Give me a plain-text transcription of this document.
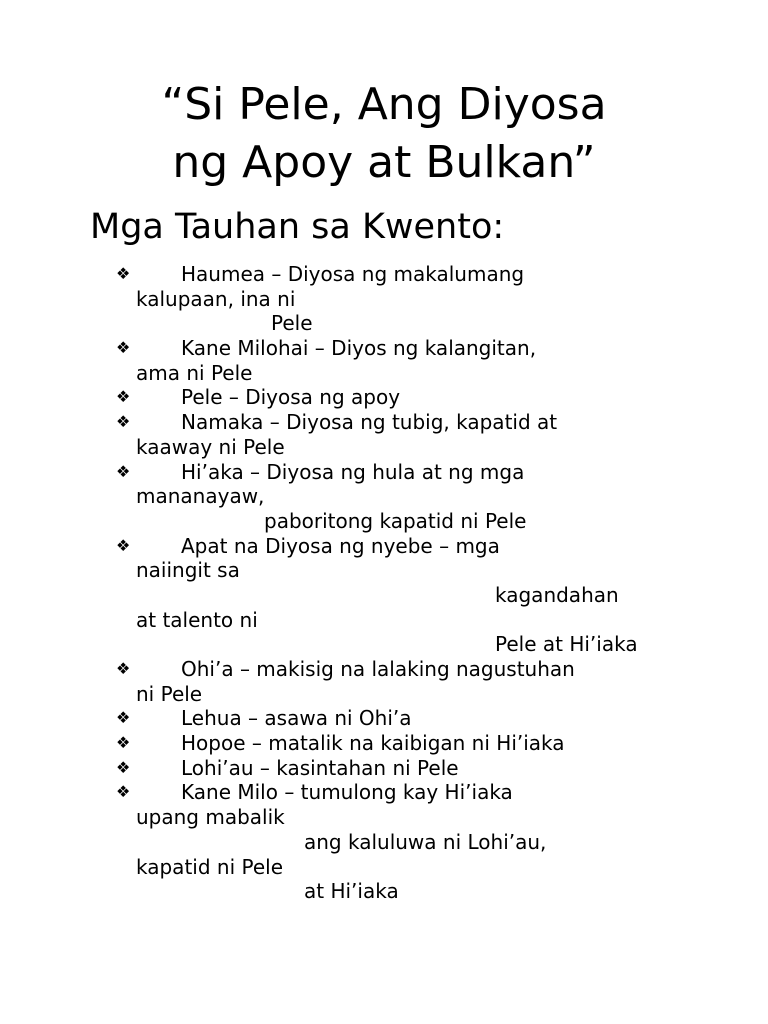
“Si Pele, Ang Diyosa
ng Apoy at Bulkan”
Mga Tauhan sa Kwento:
❖	Haumea – Diyosa ng makalumang
kalupaan, ina ni
Pele
❖	Kane Milohai – Diyos ng kalangitan,
ama ni Pele
❖	Pele – Diyosa ng apoy
❖	Namaka – Diyosa ng tubig, kapatid at
kaaway ni Pele
❖	Hi’aka – Diyosa ng hula at ng mga
mananayaw,
paboritong kapatid ni Pele
❖	Apat na Diyosa ng nyebe – mga
naiingit sa
kagandahan
at talento ni
Pele at Hi’iaka
❖	Ohi’a – makisig na lalaking nagustuhan
ni Pele
❖	Lehua – asawa ni Ohi’a
❖	Hopoe – matalik na kaibigan ni Hi’iaka
❖	Lohi’au – kasintahan ni Pele
❖	Kane Milo – tumulong kay Hi’iaka
upang mabalik
ang kaluluwa ni Lohi’au,
kapatid ni Pele
at Hi’iaka
